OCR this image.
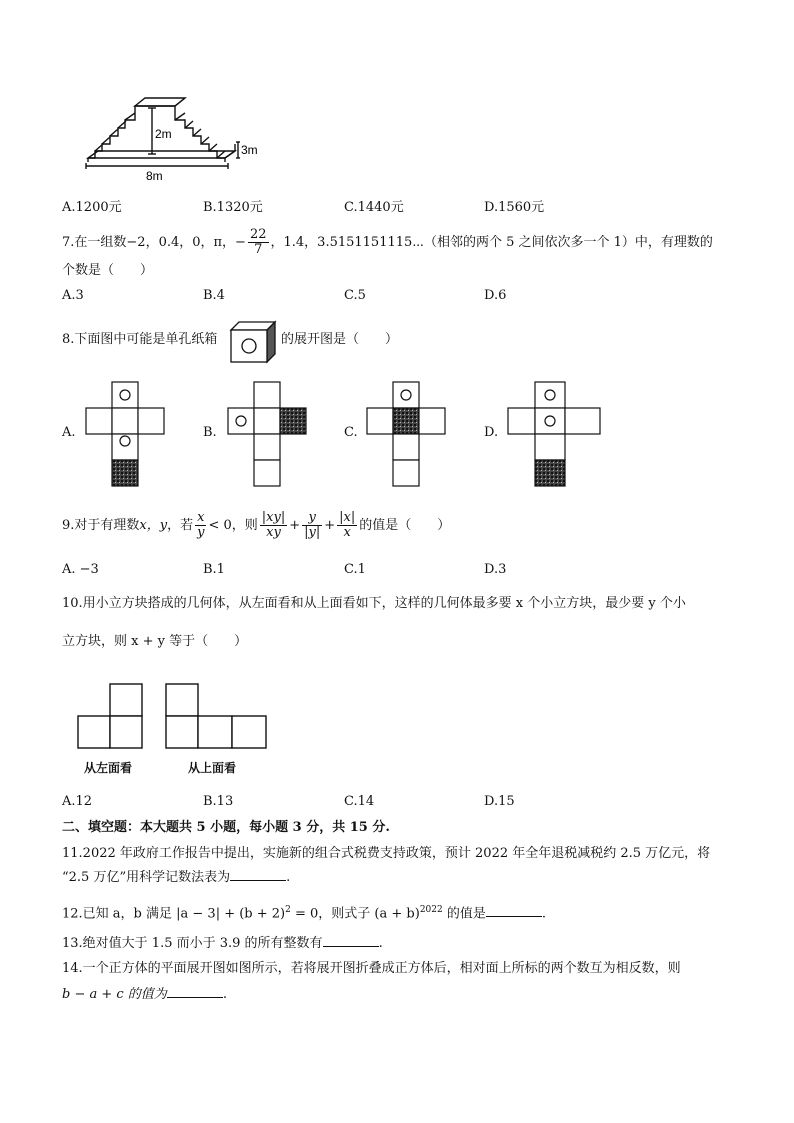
2m
3m
8m
A.1200元	B.1320元	C.1440元	D.1560元
7.在一组数−2，0.4，0，π，− $\frac{22}{7}$ ，1.4，3.5151151115⋯（相邻的两个 5 之间依次多一个 1）中，有理数的
个数是（　　）
A.3	B.4	C.5	D.6
8.下面图中可能是单孔纸箱	的展开图是（　　）
A.	B.	C.	D.
9.对于有理数x，y，若 $\frac{x}{y} < 0$，则 $\frac{|xy|}{xy} + \frac{y}{|y|} + \frac{|x|}{x}$ 的值是（　　）
A. −3	B.1	C.1	D.3
10.用小立方块搭成的几何体，从左面看和从上面看如下，这样的几何体最多要 x 个小立方块，最少要 y 个小
立方块，则 x + y 等于（　　）
从左面看	从上面看
A.12	B.13	C.14	D.15
二、填空题：本大题共 5 小题，每小题 3 分，共 15 分.
11.2022 年政府工作报告中提出，实施新的组合式税费支持政策，预计 2022 年全年退税减税约 2.5 万亿元，将
“2.5 万亿”用科学记数法表为	.
12.已知 a，b 满足 $|a - 3| + (b + 2)^2 = 0$，则式子 $(a + b)^{2022}$ 的值是	.
13.绝对值大于 1.5 而小于 3.9 的所有整数有	.
14.一个正方体的平面展开图如图所示，若将展开图折叠成正方体后，相对面上所标的两个数互为相反数，则
b − a + c 的值为	.
